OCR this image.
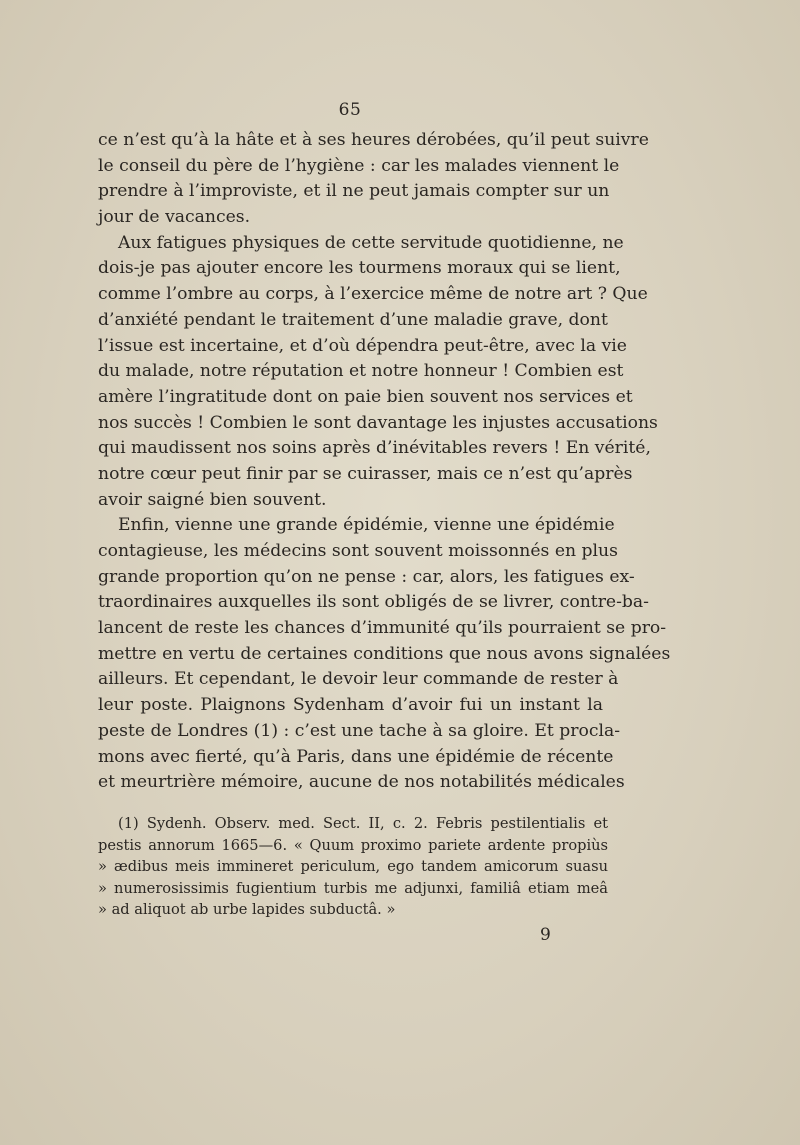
65
ce n’est qu’à la hâte et à ses heures dérobées, qu’il peut suivre
le conseil du père de l’hygiène : car les malades viennent le
prendre à l’improviste, et il ne peut jamais compter sur un
jour de vacances.
Aux fatigues physiques de cette servitude quotidienne, ne
dois-je pas ajouter encore les tourmens moraux qui se lient,
comme l’ombre au corps, à l’exercice même de notre art ? Que
d’anxiété pendant le traitement d’une maladie grave, dont
l’issue est incertaine, et d’où dépendra peut-être, avec la vie
du malade, notre réputation et notre honneur ! Combien est
amère l’ingratitude dont on paie bien souvent nos services et
nos succès ! Combien le sont davantage les injustes accusations
qui maudissent nos soins après d’inévitables revers ! En vérité,
notre cœur peut finir par se cuirasser, mais ce n’est qu’après
avoir saigné bien souvent.
Enfin, vienne une grande épidémie, vienne une épidémie
contagieuse, les médecins sont souvent moissonnés en plus
grande proportion qu’on ne pense : car, alors, les fatigues ex-
traordinaires auxquelles ils sont obligés de se livrer, contre-ba-
lancent de reste les chances d’immunité qu’ils pourraient se pro-
mettre en vertu de certaines conditions que nous avons signalées
ailleurs. Et cependant, le devoir leur commande de rester à
leur poste. Plaignons Sydenham d’avoir fui un instant la
peste de Londres (1) : c’est une tache à sa gloire. Et procla-
mons avec fierté, qu’à Paris, dans une épidémie de récente
et meurtrière mémoire, aucune de nos notabilités médicales
(1) Sydenh. Observ. med. Sect. II, c. 2. Febris pestilentialis et
pestis annorum 1665—6. « Quum proximo pariete ardente propiùs
» ædibus meis immineret periculum, ego tandem amicorum suasu
» numerosissimis fugientium turbis me adjunxi, familiâ etiam meâ
» ad aliquot ab urbe lapides subductâ. »
9
